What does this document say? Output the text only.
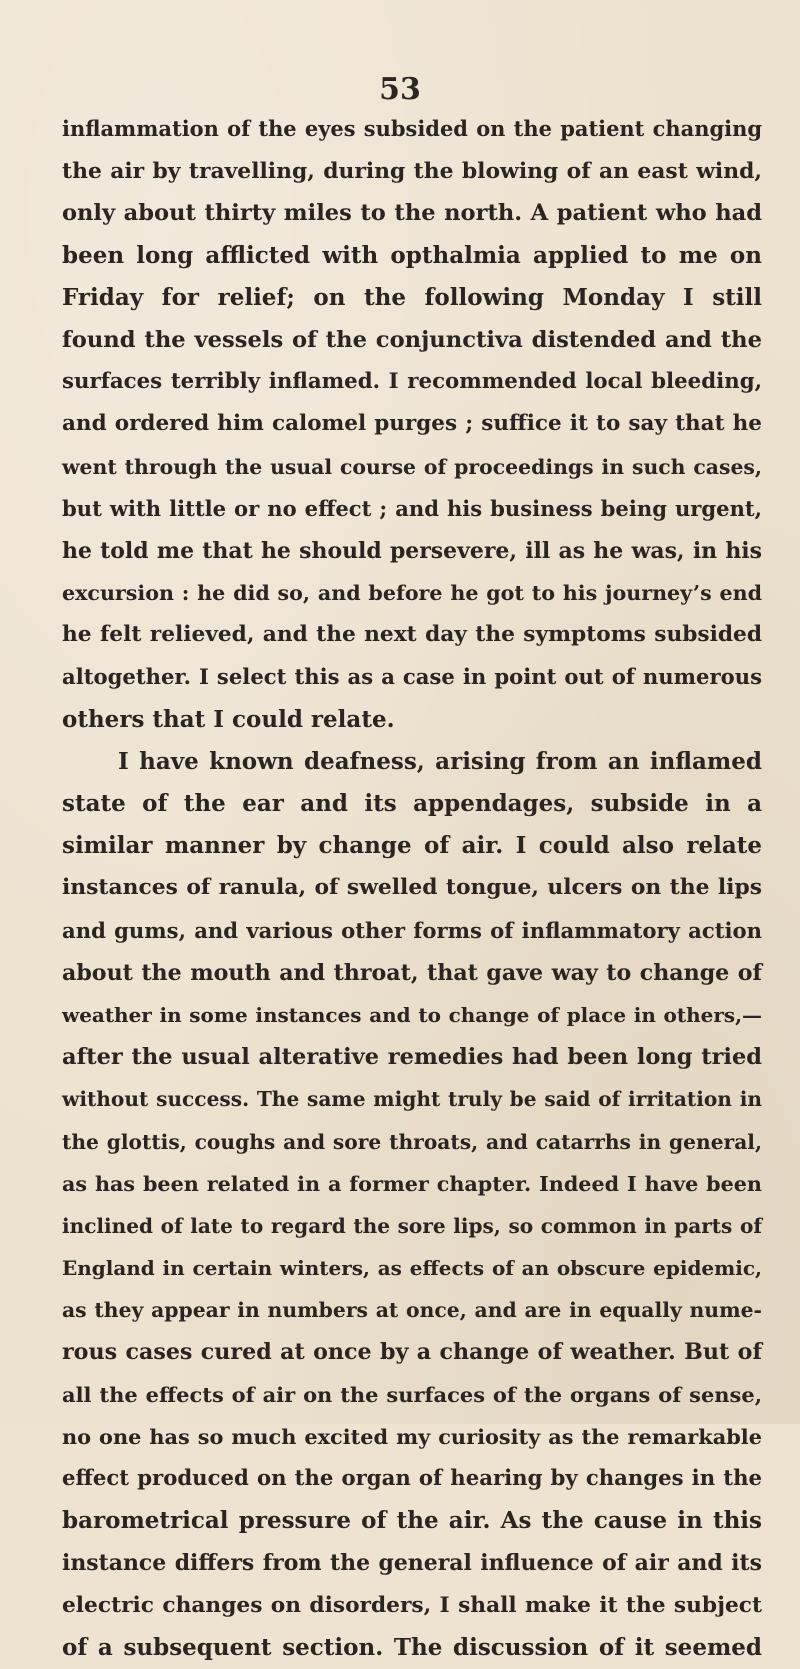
53

inflammation of the eyes subsided on the patient changing
the air by travelling, during the blowing of an east wind,
only about thirty miles to the north. A patient who had
been long afflicted with opthalmia applied to me on
Friday for relief; on the following Monday I still
found the vessels of the conjunctiva distended and the
surfaces terribly inflamed. I recommended local bleeding,
and ordered him calomel purges ; suffice it to say that he
went through the usual course of proceedings in such cases,
but with little or no effect ; and his business being urgent,
he told me that he should persevere, ill as he was, in his
excursion : he did so, and before he got to his journey’s end
he felt relieved, and the next day the symptoms subsided
altogether. I select this as a case in point out of numerous
others that I could relate.
I have known deafness, arising from an inflamed
state of the ear and its appendages, subside in a
similar manner by change of air. I could also relate
instances of ranula, of swelled tongue, ulcers on the lips
and gums, and various other forms of inflammatory action
about the mouth and throat, that gave way to change of
weather in some instances and to change of place in others,—
after the usual alterative remedies had been long tried
without success. The same might truly be said of irritation in
the glottis, coughs and sore throats, and catarrhs in general,
as has been related in a former chapter. Indeed I have been
inclined of late to regard the sore lips, so common in parts of
England in certain winters, as effects of an obscure epidemic,
as they appear in numbers at once, and are in equally nume-
rous cases cured at once by a change of weather. But of
all the effects of air on the surfaces of the organs of sense,
no one has so much excited my curiosity as the remarkable
effect produced on the organ of hearing by changes in the
barometrical pressure of the air. As the cause in this
instance differs from the general influence of air and its
electric changes on disorders, I shall make it the subject
of a subsequent section. The discussion of it seemed
